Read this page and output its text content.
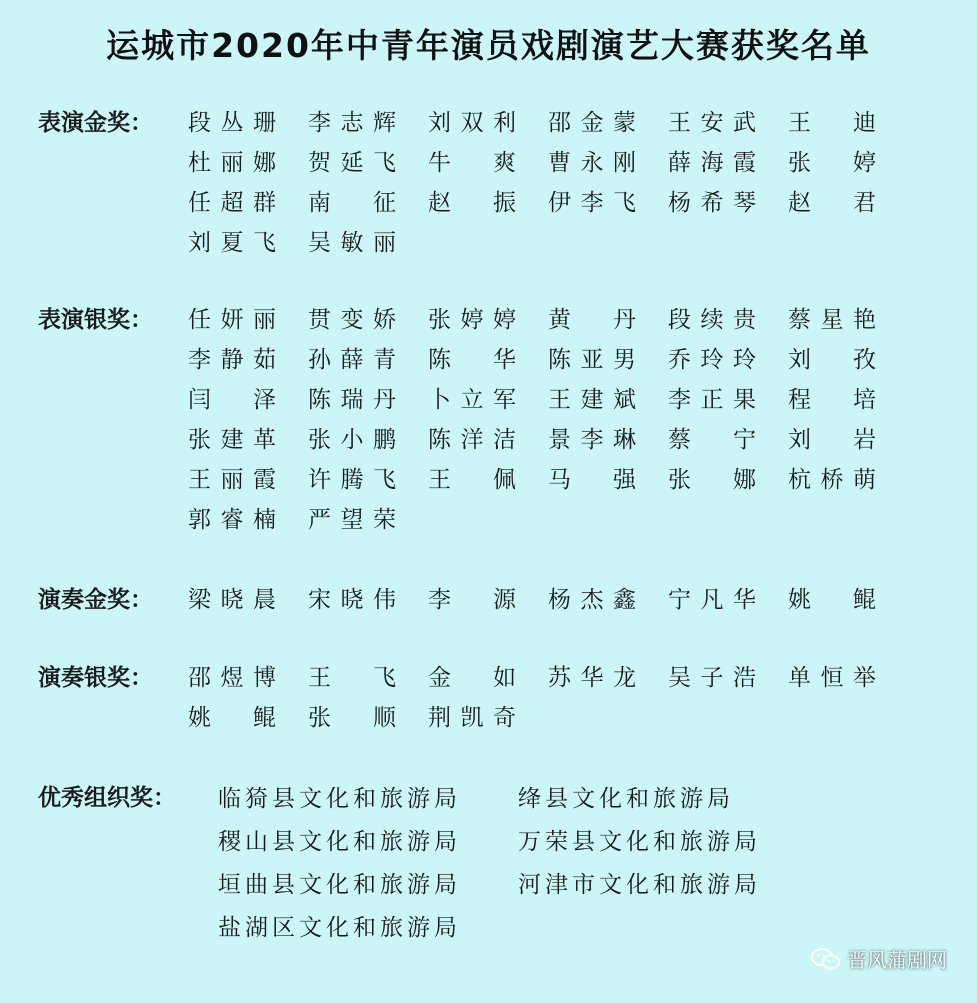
运城市2020年中青年演员戏剧演艺大赛获奖名单
表演金奖： 段丛珊 李志辉 刘双利 邵金蒙 王安武 王迪
杜丽娜 贺延飞 牛爽 曹永刚 薛海霞 张婷
任超群 南征 赵振 伊李飞 杨希琴 赵君
刘夏飞 吴敏丽
表演银奖： 任妍丽 贯变娇 张婷婷 黄丹 段续贵 蔡星艳
李静茹 孙薛青 陈华 陈亚男 乔玲玲 刘孜
闫泽 陈瑞丹 卜立军 王建斌 李正果 程培
张建革 张小鹏 陈洋洁 景李琳 蔡宁 刘岩
王丽霞 许腾飞 王佩 马强 张娜 杭桥萌
郭睿楠 严望荣
演奏金奖： 梁晓晨 宋晓伟 李源 杨杰鑫 宁凡华 姚鲲
演奏银奖： 邵煜博 王飞 金如 苏华龙 吴子浩 单恒举
姚鲲 张顺 荆凯奇
优秀组织奖： 临猗县文化和旅游局	绛县文化和旅游局
稷山县文化和旅游局	万荣县文化和旅游局
垣曲县文化和旅游局	河津市文化和旅游局
盐湖区文化和旅游局
晋风蒲剧网
